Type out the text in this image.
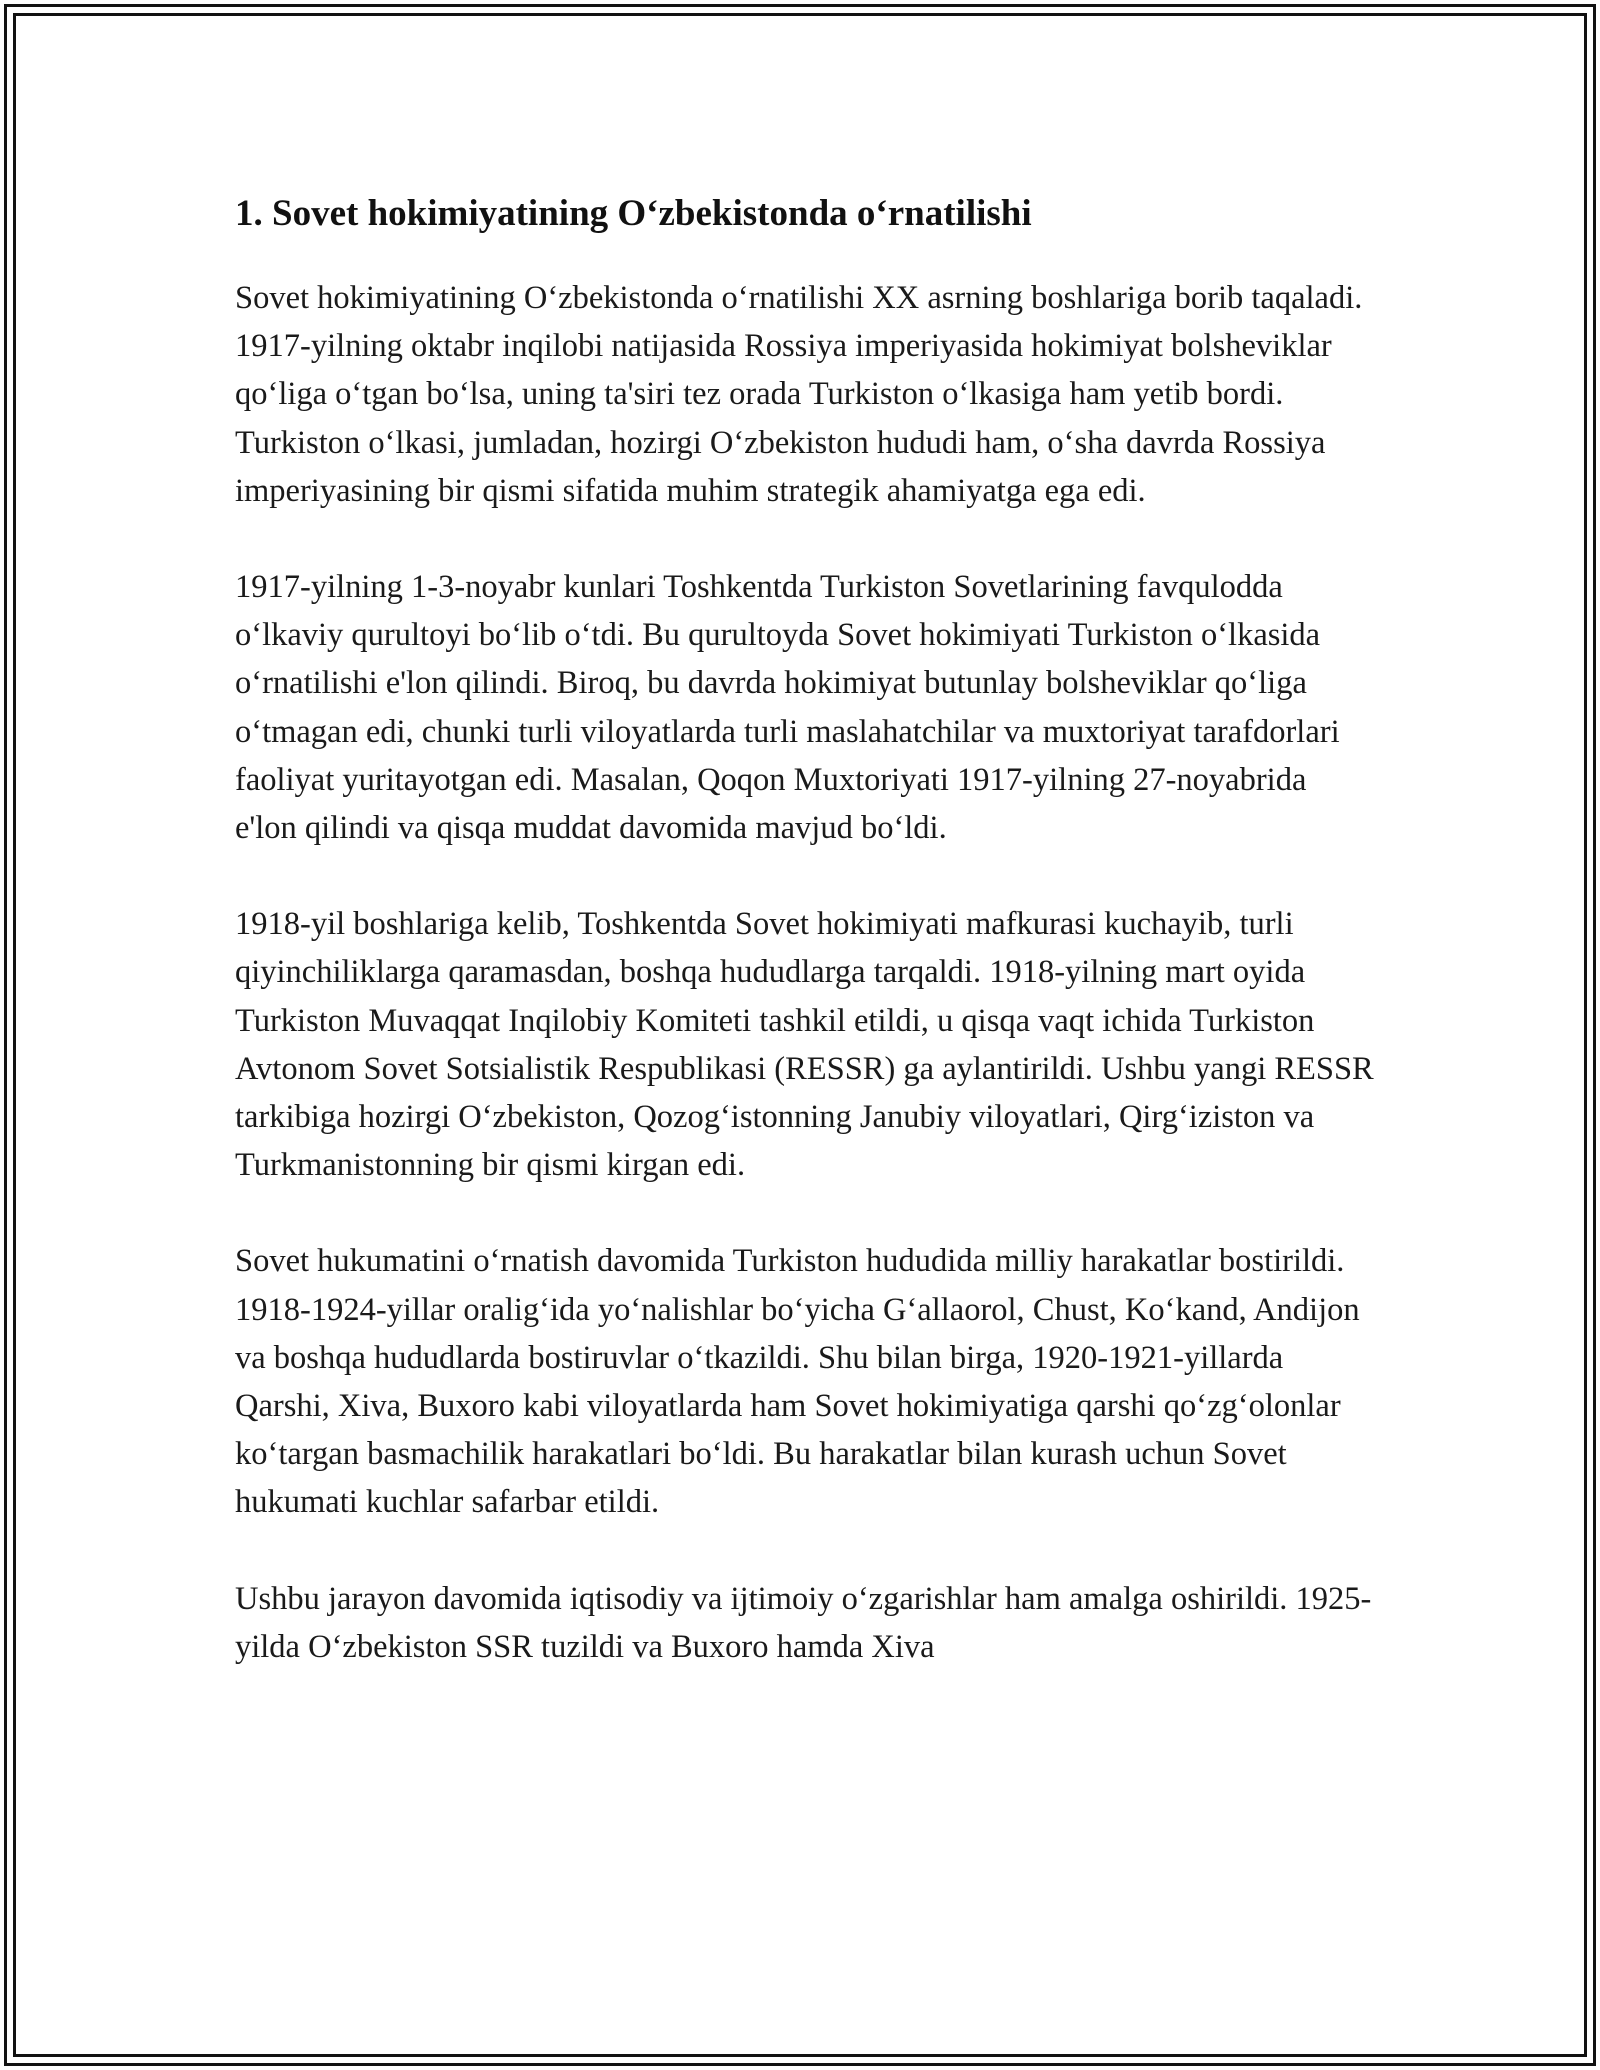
1. Sovet hokimiyatining O‘zbekistonda o‘rnatilishi

Sovet hokimiyatining O‘zbekistonda o‘rnatilishi XX asrning boshlariga borib taqaladi. 1917-yilning oktabr inqilobi natijasida Rossiya imperiyasida hokimiyat bolsheviklar qo‘liga o‘tgan bo‘lsa, uning ta'siri tez orada Turkiston o‘lkasiga ham yetib bordi. Turkiston o‘lkasi, jumladan, hozirgi O‘zbekiston hududi ham, o‘sha davrda Rossiya imperiyasining bir qismi sifatida muhim strategik ahamiyatga ega edi.

1917-yilning 1-3-noyabr kunlari Toshkentda Turkiston Sovetlarining favqulodda o‘lkaviy qurultoyi bo‘lib o‘tdi. Bu qurultoyda Sovet hokimiyati Turkiston o‘lkasida o‘rnatilishi e'lon qilindi. Biroq, bu davrda hokimiyat butunlay bolsheviklar qo‘liga o‘tmagan edi, chunki turli viloyatlarda turli maslahatchilar va muxtoriyat tarafdorlari faoliyat yuritayotgan edi. Masalan, Qoqon Muxtoriyati 1917-yilning 27-noyabrida e'lon qilindi va qisqa muddat davomida mavjud bo‘ldi.

1918-yil boshlariga kelib, Toshkentda Sovet hokimiyati mafkurasi kuchayib, turli qiyinchiliklarga qaramasdan, boshqa hududlarga tarqaldi. 1918-yilning mart oyida Turkiston Muvaqqat Inqilobiy Komiteti tashkil etildi, u qisqa vaqt ichida Turkiston Avtonom Sovet Sotsialistik Respublikasi (RESSR) ga aylantirildi. Ushbu yangi RESSR tarkibiga hozirgi O‘zbekiston, Qozog‘istonning Janubiy viloyatlari, Qirg‘iziston va Turkmanistonning bir qismi kirgan edi.

Sovet hukumatini o‘rnatish davomida Turkiston hududida milliy harakatlar bostirildi. 1918-1924-yillar oralig‘ida yo‘nalishlar bo‘yicha G‘allaorol, Chust, Ko‘kand, Andijon va boshqa hududlarda bostiruvlar o‘tkazildi. Shu bilan birga, 1920-1921-yillarda Qarshi, Xiva, Buxoro kabi viloyatlarda ham Sovet hokimiyatiga qarshi qo‘zg‘olonlar ko‘targan basmachilik harakatlari bo‘ldi. Bu harakatlar bilan kurash uchun Sovet hukumati kuchlar safarbar etildi.

Ushbu jarayon davomida iqtisodiy va ijtimoiy o‘zgarishlar ham amalga oshirildi. 1925-yilda O‘zbekiston SSR tuzildi va Buxoro hamda Xiva
